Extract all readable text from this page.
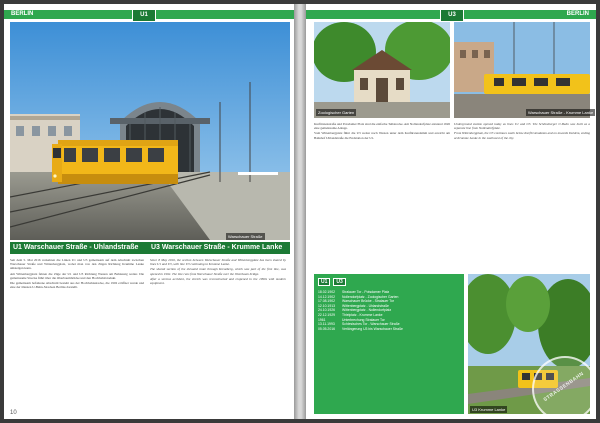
BERLIN	U1
Warschauer Straße
U1 Warschauer Straße - Uhlandstraße	U3 Warschauer Straße - Krumme Lanke

Seit dem 5. Mai 2016 verkehren die Linien U1 und U3 gemeinsam auf dem Abschnitt zwischen Warschauer Straße und Wittenbergplatz, wobei man von den Zügen Richtung Krumme Lanke umsteigen kann.

Am Wittenbergplatz fahren die Züge der U1 und U3 Richtung Westen am Bahnsteig weiter. Die gemeinsame Strecke führt über die Oberbaumbrücke und den Hochbahnviadukt.

Die gemeinsam befahrene Abschnitt besteht aus der Hochbahnstrecke, die 1902 eröffnet wurde und eine der ältesten U-Bahn-Strecken Berlins darstellt.

Since 8 May 2016, the section between Warschauer Straße and Wittenbergplatz has been shared by lines U1 and U3, with line U3 continuing to Krumme Lanke.

The shared section of the elevated route through Kreuzberg, which was part of the first line, was opened in 1902. The line runs from Warschauer Straße over the Oberbaum bridge.

After a serious accident, the stretch was reconstructed and reopened in the 1990s with modern equipment.

10
BERLIN
U3
Zoologischer Garten	Warschauer Straße - Krumme Lanke

Kurfürstenstraße und Potsdamer Platz sind die einfache Teilstrecke. Am Nollendorfplatz entstand 1926 eine gemeinsame Anlage.

Vom Wittenbergplatz führt die U3 weiter nach Westen unter dem Kurfürstendamm und erreicht am Bahnhof Uhlandstraße die Endstation der U1.

Underground station opened today as lines U1 and U3. The Schöneberger U-Bahn was built as a separate line from Nollendorfplatz.

From Wittenbergplatz, the U3 continues south below Kurfürstendamm and on towards Dahlem, ending at Krumme Lanke in the southwest of the city.

U1	U3
18.02.1902	Stralauer Tor - Potsdamer Platz
14.12.1902	Nollendorfplatz - Zoologischer Garten
17.08.1902	Warschauer Brücke - Stralauer Tor
12.10.1913	Wittenbergplatz - Uhlandstraße
24.10.1926	Wittenbergplatz - Nollendorfplatz
22.12.1929	Thielplatz - Krumme Lanke
1961	Unterbrechung Stralauer Tor
13.11.1993	Schlesisches Tor - Warschauer Straße
05.05.2016	Verlängerung U3 bis Warschauer Straße
STRASSENBAHN
U3 Krumme Lanke
